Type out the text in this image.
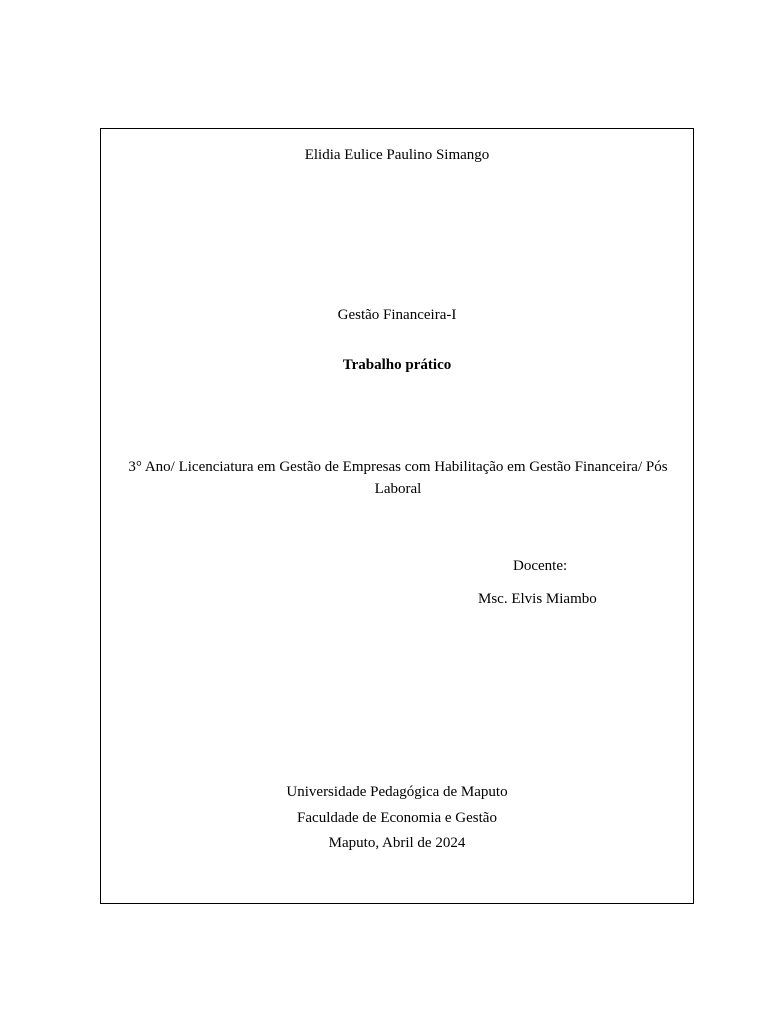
Elidia Eulice Paulino Simango
Gestão Financeira-I
Trabalho prático
3° Ano/ Licenciatura em Gestão de Empresas com Habilitação em Gestão Financeira/ Pós Laboral
Docente:
Msc. Elvis Miambo
Universidade Pedagógica de Maputo
Faculdade de Economia e Gestão
Maputo, Abril de 2024
